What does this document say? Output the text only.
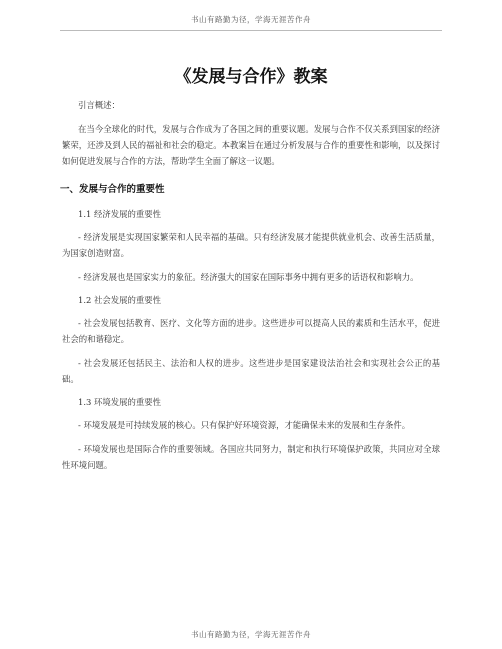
书山有路勤为径，学海无涯苦作舟
《发展与合作》教案

引言概述：

在当今全球化的时代，发展与合作成为了各国之间的重要议题。发展与合作不仅关系到国家的经济繁荣，还涉及到人民的福祉和社会的稳定。本教案旨在通过分析发展与合作的重要性和影响，以及探讨如何促进发展与合作的方法，帮助学生全面了解这一议题。

一、发展与合作的重要性

1.1 经济发展的重要性

- 经济发展是实现国家繁荣和人民幸福的基础。只有经济发展才能提供就业机会、改善生活质量，为国家创造财富。

- 经济发展也是国家实力的象征。经济强大的国家在国际事务中拥有更多的话语权和影响力。

1.2 社会发展的重要性

- 社会发展包括教育、医疗、文化等方面的进步。这些进步可以提高人民的素质和生活水平，促进社会的和谐稳定。

- 社会发展还包括民主、法治和人权的进步。这些进步是国家建设法治社会和实现社会公正的基础。

1.3 环境发展的重要性

- 环境发展是可持续发展的核心。只有保护好环境资源，才能确保未来的发展和生存条件。

- 环境发展也是国际合作的重要领域。各国应共同努力，制定和执行环境保护政策，共同应对全球性环境问题。

书山有路勤为径，学海无涯苦作舟
